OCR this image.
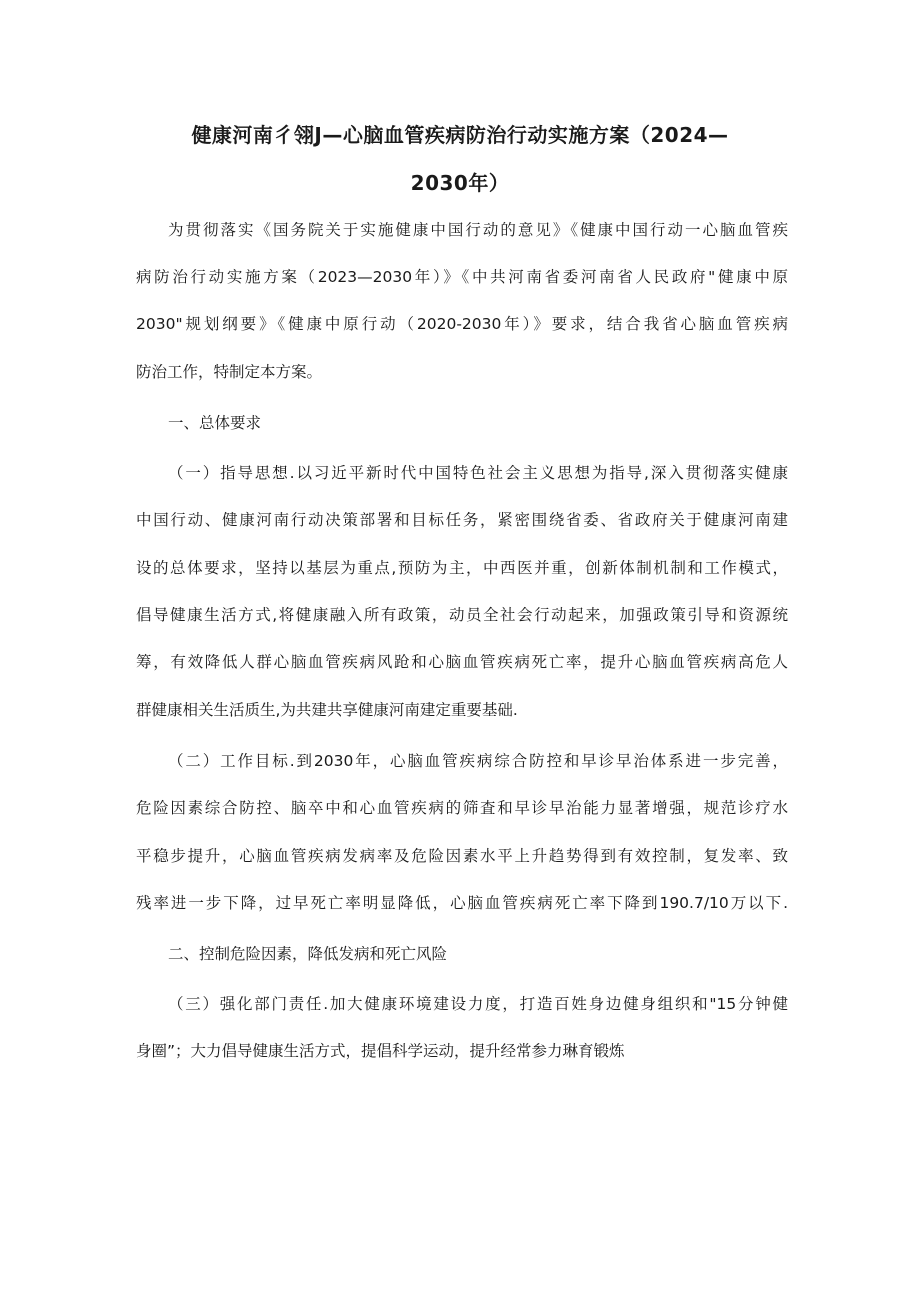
健康河南彳翎J—心脑血管疾病防治行动实施方案（2024—
2030年）
为贯彻落实《国务院关于实施健康中国行动的意见》《健康中国行动一心脑血管疾
病防治行动实施方案（2023—2030年）》《中共河南省委河南省人民政府"健康中原
2030"规划纲要》《健康中原行动（2020-2030年）》要求，结合我省心脑血管疾病
防治工作，特制定本方案。
一、总体要求
（一）指导思想.以习近平新时代中国特色社会主义思想为指导,深入贯彻落实健康
中国行动、健康河南行动决策部署和目标任务，紧密围绕省委、省政府关于健康河南建
设的总体要求，坚持以基层为重点,预防为主，中西医并重，创新体制机制和工作模式，
倡导健康生活方式,将健康融入所有政策，动员全社会行动起来，加强政策引导和资源统
筹，有效降低人群心脑血管疾病风跄和心脑血管疾病死亡率，提升心脑血管疾病高危人
群健康相关生活质生,为共建共享健康河南建定重要基础.
（二）工作目标.到2030年，心脑血管疾病综合防控和早诊早治体系进一步完善，
危险因素综合防控、脑卒中和心血管疾病的筛査和早诊早治能力显著增强，规范诊疗水
平稳步提升，心脑血管疾病发病率及危险因素水平上升趋势得到有效控制，复发率、致
残率进一步下降，过早死亡率明显降低，心脑血管疾病死亡率下降到190.7/10万以下.
二、控制危险因素，降低发病和死亡风险
（三）强化部门责任.加大健康环境建设力度，打造百姓身边健身组织和"15分钟健
身圈”；大力倡导健康生活方式，提倡科学运动，提升经常参力琳育锻炼
